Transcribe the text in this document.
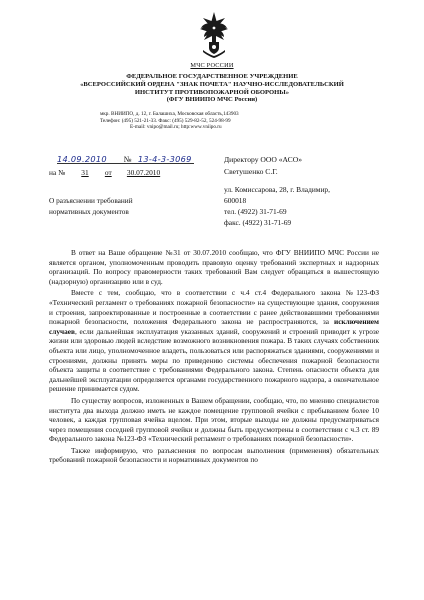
МЧС РОССИИ
ФЕДЕРАЛЬНОЕ ГОСУДАРСТВЕННОЕ УЧРЕЖДЕНИЕ
«ВСЕРОССИЙСКИЙ ОРДЕНА "ЗНАК ПОЧЕТА" НАУЧНО-ИССЛЕДОВАТЕЛЬСКИЙ
ИНСТИТУТ ПРОТИВОПОЖАРНОЙ ОБОРОНЫ»
(ФГУ ВНИИПО МЧС России)
мкр. ВНИИПО, д. 12, г. Балашиха, Московская область,143903
Телефон: (495) 521-21-33. Факс: (495) 529-82-52, 524-98-99
E-mail: vnipo@mail.ru; http:www.vniipo.ru
14.09.2010 № 13-4-3-3069
на № 31 от 30.07.2010
Директору ООО «АСО»
Светушенко С.Г.
ул. Комиссарова, 28, г. Владимир,
600018
тел. (4922) 31-71-69
факс. (4922) 31-71-69
О разъяснении требований
нормативных документов

В ответ на Ваше обращение №31 от 30.07.2010 сообщаю, что ФГУ ВНИИПО МЧС России не является органом, уполномоченным проводить правовую оценку требований экспертных и надзорных организаций. По вопросу правомерности таких требований Вам следует обращаться в вышестоящую (надзорную) организацию или в суд.

Вместе с тем, сообщаю, что в соответствии с ч.4 ст.4 Федерального закона №123-ФЗ «Технический регламент о требованиях пожарной безопасности» на существующие здания, сооружения и строения, запроектированные и построенные в соответствии с ранее действовавшими требованиями пожарной безопасности, положения Федерального закона не распространяются, за исключением случаев, если дальнейшая эксплуатация указанных зданий, сооружений и строений приводит к угрозе жизни или здоровью людей вследствие возможного возникновения пожара. В таких случаях собственник объекта или лицо, уполномоченное владеть, пользоваться или распоряжаться зданиями, сооружениями и строениями, должны принять меры по приведению системы обеспечения пожарной безопасности объекта защиты в соответствие с требованиями Федерального закона. Степень опасности объекта для дальнейшей эксплуатации определяется органами государственного пожарного надзора, а окончательное решение принимается судом.

По существу вопросов, изложенных в Вашем обращении, сообщаю, что, по мнению специалистов института два выхода должно иметь не каждое помещение групповой ячейки с пребыванием более 10 человек, а каждая групповая ячейка вцелом. При этом, вторые выходы не должны предусматриваться через помещения соседней групповой ячейки и должны быть предусмотрены в соответствии с ч.3 ст. 89 Федерального закона №123-ФЗ «Технический регламент о требованиях пожарной безопасности».

Также информирую, что разъяснения по вопросам выполнения (применения) обязательных требований пожарной безопасности и нормативных документов по
